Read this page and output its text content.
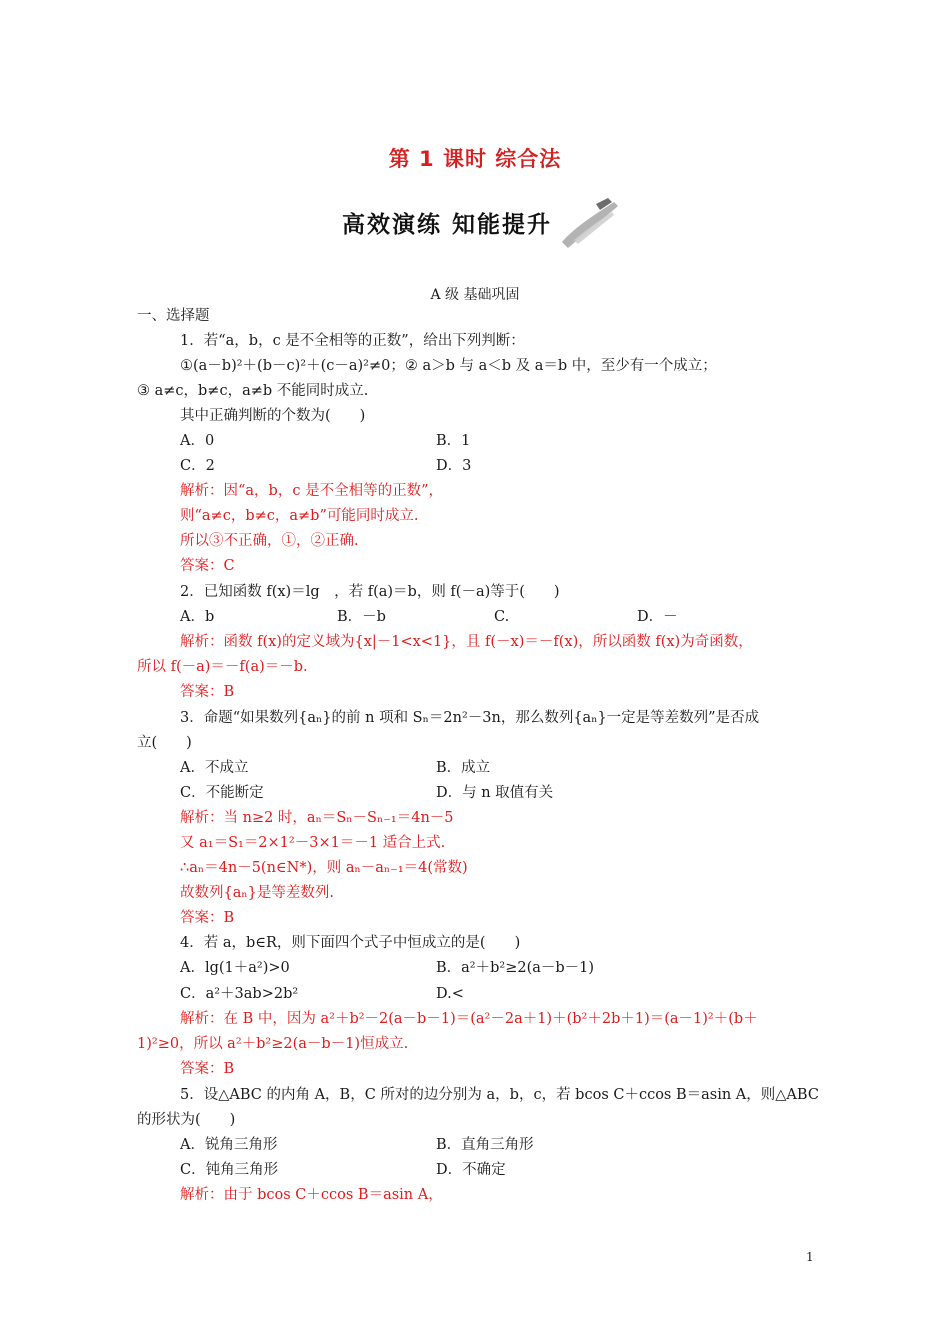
第 1 课时 综合法
高效演练 知能提升
A 级 基础巩固
一、选择题
1．若“a，b，c 是不全相等的正数”，给出下列判断：
①(a－b)²＋(b－c)²＋(c－a)²≠0；② a＞b 与 a＜b 及 a＝b 中，至少有一个成立；
③ a≠c，b≠c，a≠b 不能同时成立.
其中正确判断的个数为(　　)
A．0	B．1
C．2	D．3
解析：因“a，b，c 是不全相等的正数”，
则“a≠c，b≠c，a≠b”可能同时成立.
所以③不正确，①，②正确.
答案：C
2．已知函数 f(x)＝lg　，若 f(a)＝b，则 f(－a)等于(　　)
A．b	B．－b	C.	D．－
解析：函数 f(x)的定义域为{x|－1<x<1}，且 f(－x)＝－f(x)，所以函数 f(x)为奇函数，
所以 f(－a)＝－f(a)＝－b.
答案：B
3．命题“如果数列{aₙ}的前 n 项和 Sₙ＝2n²－3n，那么数列{aₙ}一定是等差数列”是否成
立(　　)
A．不成立	B．成立
C．不能断定	D．与 n 取值有关
解析：当 n≥2 时，aₙ＝Sₙ－Sₙ₋₁＝4n－5
又 a₁＝S₁＝2×1²－3×1＝－1 适合上式.
∴aₙ＝4n－5(n∈N*)，则 aₙ－aₙ₋₁＝4(常数)
故数列{aₙ}是等差数列.
答案：B
4．若 a，b∈R，则下面四个式子中恒成立的是(　　)
A．lg(1＋a²)>0	B．a²＋b²≥2(a－b－1)
C．a²＋3ab>2b²	D.<
解析：在 B 中，因为 a²＋b²－2(a－b－1)＝(a²－2a＋1)＋(b²＋2b＋1)＝(a－1)²＋(b＋
1)²≥0，所以 a²＋b²≥2(a－b－1)恒成立.
答案：B
5．设△ABC 的内角 A，B，C 所对的边分别为 a，b，c，若 bcos C＋ccos B＝asin A，则△ABC
的形状为(　　)
A．锐角三角形	B．直角三角形
C．钝角三角形	D．不确定
解析：由于 bcos C＋ccos B＝asin A，
1
